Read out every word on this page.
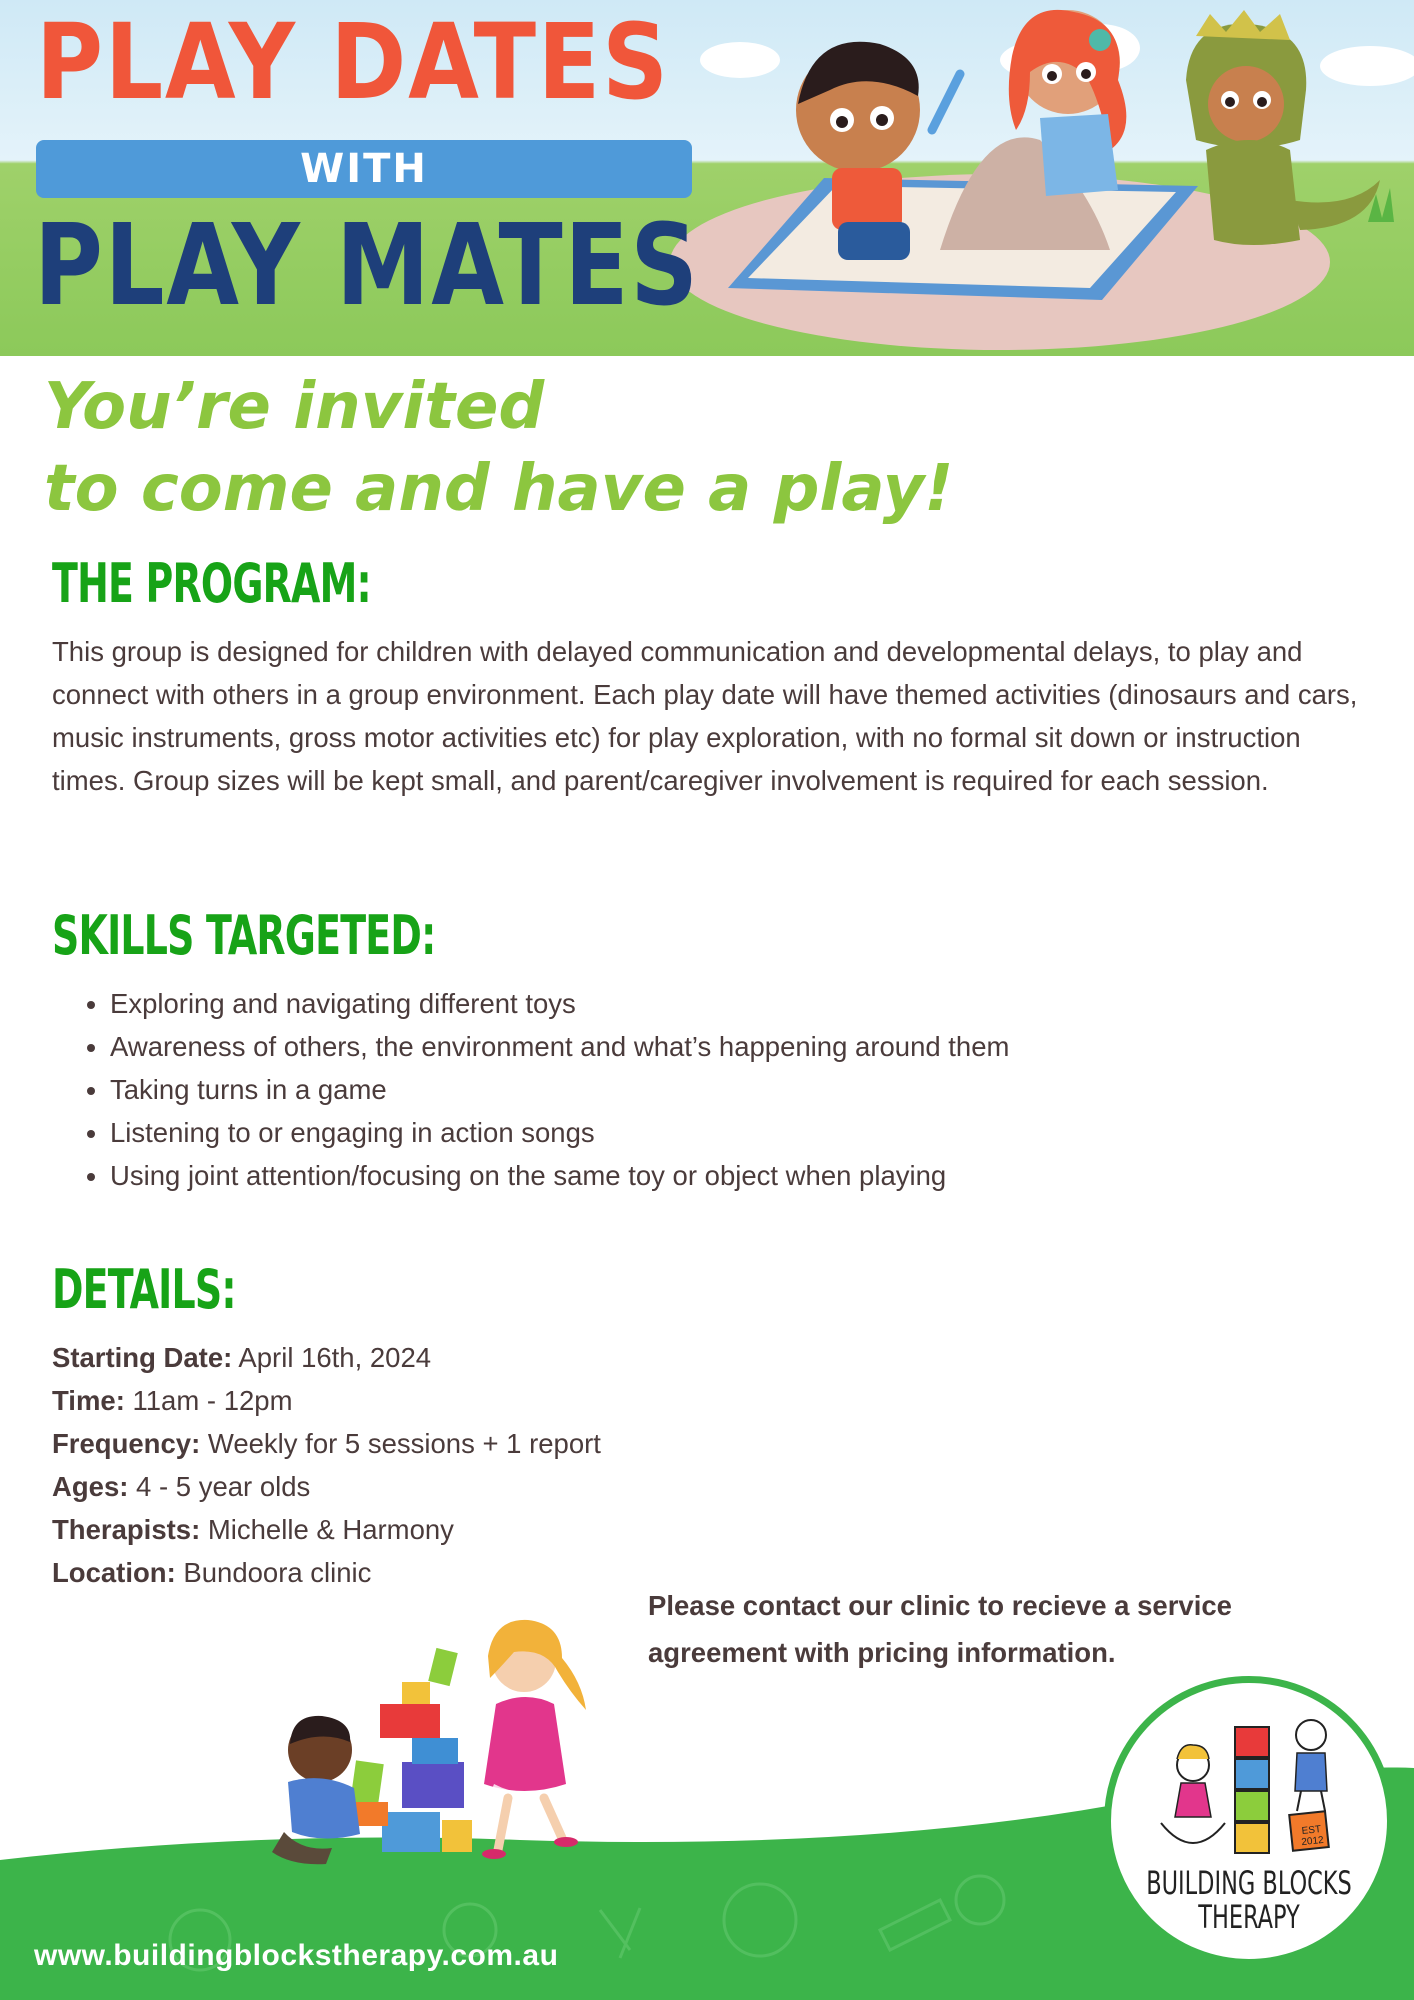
PLAY DATES
WITH
PLAY MATES
You’re invited
to come and have a play!
THE PROGRAM:
This group is designed for children with delayed communication and developmental delays, to play and connect with others in a group environment. Each play date will have themed activities (dinosaurs and cars, music instruments, gross motor activities etc) for play exploration, with no formal sit down or instruction times. Group sizes will be kept small, and parent/caregiver involvement is required for each session.
SKILLS TARGETED:
• Exploring and navigating different toys
• Awareness of others, the environment and what’s happening around them
• Taking turns in a game
• Listening to or engaging in action songs
• Using joint attention/focusing on the same toy or object when playing
DETAILS:
Starting Date: April 16th, 2024
Time: 11am - 12pm
Frequency: Weekly for 5 sessions + 1 report
Ages: 4 - 5 year olds
Therapists: Michelle & Harmony
Location: Bundoora clinic
Please contact our clinic to recieve a service
agreement with pricing information.
www.buildingblockstherapy.com.au
EST
2012
BUILDING BLOCKS
THERAPY
